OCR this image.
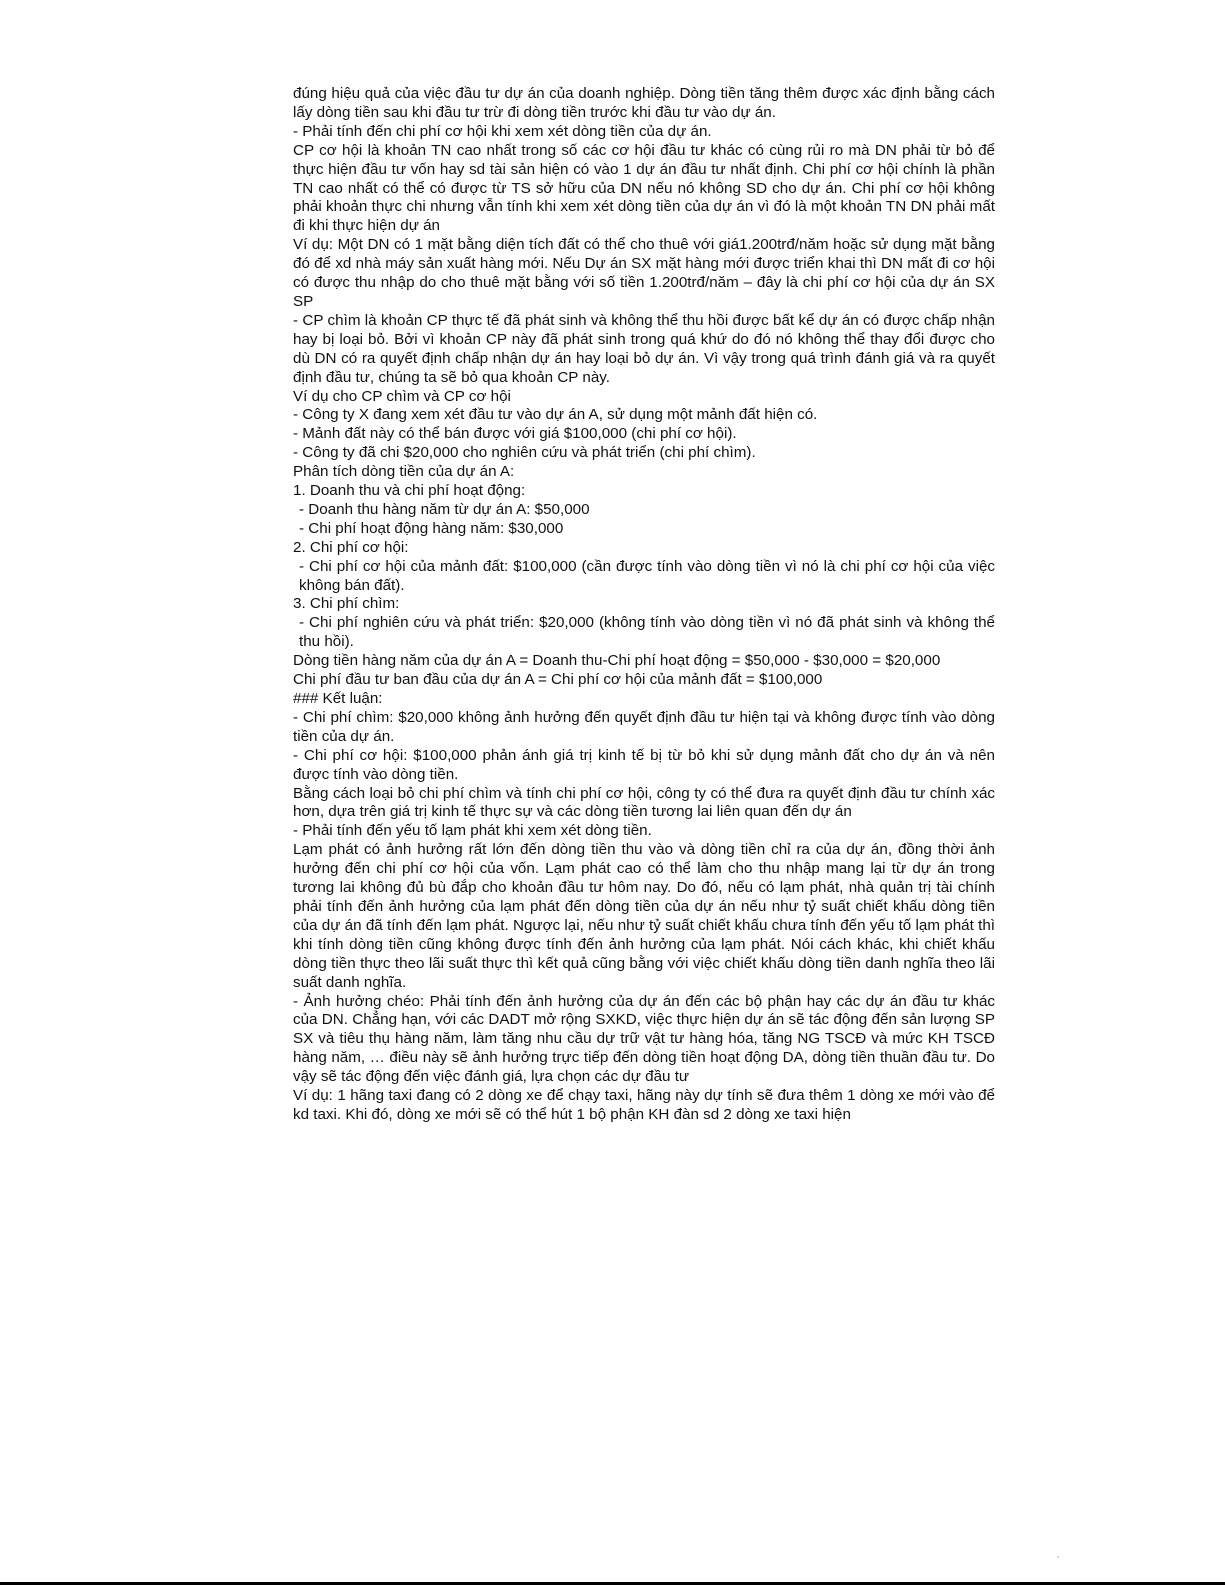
đúng hiệu quả của việc đầu tư dự án của doanh nghiệp. Dòng tiền tăng thêm được xác định bằng cách lấy dòng tiền sau khi đầu tư trừ đi dòng tiền trước khi đầu tư vào dự án.

- Phải tính đến chi phí cơ hội khi xem xét dòng tiền của dự án.

CP cơ hội là khoản TN cao nhất trong số các cơ hội đầu tư khác có cùng rủi ro mà DN phải từ bỏ để thực hiện đầu tư vốn hay sd tài sản hiện có vào 1 dự án đầu tư nhất định. Chi phí cơ hội chính là phần TN cao nhất có thể có được từ TS sở hữu của DN nếu nó không SD cho dự án. Chi phí cơ hội không phải khoản thực chi nhưng vẫn tính khi xem xét dòng tiền của dự án vì đó là một khoản TN DN phải mất đi khi thực hiện dự án

Ví dụ: Một DN có 1 mặt bằng diện tích đất có thể cho thuê với giá1.200trđ/năm hoặc sử dụng mặt bằng đó để xd nhà máy sản xuất hàng mới. Nếu Dự án SX mặt hàng mới được triển khai thì DN mất đi cơ hội có được thu nhập do cho thuê mặt bằng với số tiền 1.200trđ/năm – đây là chi phí cơ hội của dự án SX SP

- CP chìm là khoản CP thực tế đã phát sinh và không thể thu hồi được bất kể dự án có được chấp nhận hay bị loại bỏ. Bởi vì khoản CP này đã phát sinh trong quá khứ do đó nó không thể thay đổi được cho dù DN có ra quyết định chấp nhận dự án hay loại bỏ dự án. Vì vậy trong quá trình đánh giá và ra quyết định đầu tư, chúng ta sẽ bỏ qua khoản CP này.

Ví dụ cho CP chìm và CP cơ hội

- Công ty X đang xem xét đầu tư vào dự án A, sử dụng một mảnh đất hiện có.

- Mảnh đất này có thể bán được với giá $100,000 (chi phí cơ hội).

- Công ty đã chi $20,000 cho nghiên cứu và phát triển (chi phí chìm).

Phân tích dòng tiền của dự án A:

1. Doanh thu và chi phí hoạt động:

- Doanh thu hàng năm từ dự án A: $50,000

- Chi phí hoạt động hàng năm: $30,000

2. Chi phí cơ hội:

- Chi phí cơ hội của mảnh đất: $100,000 (cần được tính vào dòng tiền vì nó là chi phí cơ hội của việc không bán đất).

3. Chi phí chìm:

- Chi phí nghiên cứu và phát triển: $20,000 (không tính vào dòng tiền vì nó đã phát sinh và không thể thu hồi).

Dòng tiền hàng năm của dự án A = Doanh thu-Chi phí hoạt động = $50,000 - $30,000 = $20,000

Chi phí đầu tư ban đầu của dự án A = Chi phí cơ hội của mảnh đất = $100,000

### Kết luận:

- Chi phí chìm: $20,000 không ảnh hưởng đến quyết định đầu tư hiện tại và không được tính vào dòng tiền của dự án.

- Chi phí cơ hội: $100,000 phản ánh giá trị kinh tế bị từ bỏ khi sử dụng mảnh đất cho dự án và nên được tính vào dòng tiền.

Bằng cách loại bỏ chi phí chìm và tính chi phí cơ hội, công ty có thể đưa ra quyết định đầu tư chính xác hơn, dựa trên giá trị kinh tế thực sự và các dòng tiền tương lai liên quan đến dự án

- Phải tính đến yếu tố lạm phát khi xem xét dòng tiền.

Lạm phát có ảnh hưởng rất lớn đến dòng tiền thu vào và dòng tiền chỉ ra của dự án, đồng thời ảnh hưởng đến chi phí cơ hội của vốn. Lạm phát cao có thể làm cho thu nhập mang lại từ dự án trong tương lai không đủ bù đắp cho khoản đầu tư hôm nay. Do đó, nếu có lạm phát, nhà quản trị tài chính phải tính đến ảnh hưởng của lạm phát đến dòng tiền của dự án nếu như tỷ suất chiết khấu dòng tiền của dự án đã tính đến lạm phát. Ngược lại, nếu như tỷ suất chiết khấu chưa tính đến yếu tố lạm phát thì khi tính dòng tiền cũng không được tính đến ảnh hưởng của lạm phát. Nói cách khác, khi chiết khấu dòng tiền thực theo lãi suất thực thì kết quả cũng bằng với việc chiết khấu dòng tiền danh nghĩa theo lãi suất danh nghĩa.

- Ảnh hưởng chéo: Phải tính đến ảnh hưởng của dự án đến các bộ phận hay các dự án đầu tư khác của DN. Chẳng hạn, với các DADT mở rộng SXKD, việc thực hiện dự án sẽ tác động đến sản lượng SP SX và tiêu thụ hàng năm, làm tăng nhu cầu dự trữ vật tư hàng hóa, tăng NG TSCĐ và mức KH TSCĐ hàng năm, … điều này sẽ ảnh hưởng trực tiếp đến dòng tiền hoạt động DA, dòng tiền thuần đầu tư. Do vậy sẽ tác động đến việc đánh giá, lựa chọn các dự đầu tư

Ví dụ: 1 hãng taxi đang có 2 dòng xe để chạy taxi, hãng này dự tính sẽ đưa thêm 1 dòng xe mới vào để kd taxi. Khi đó, dòng xe mới sẽ có thể hút 1 bộ phận KH đàn sd 2 dòng xe taxi hiện
